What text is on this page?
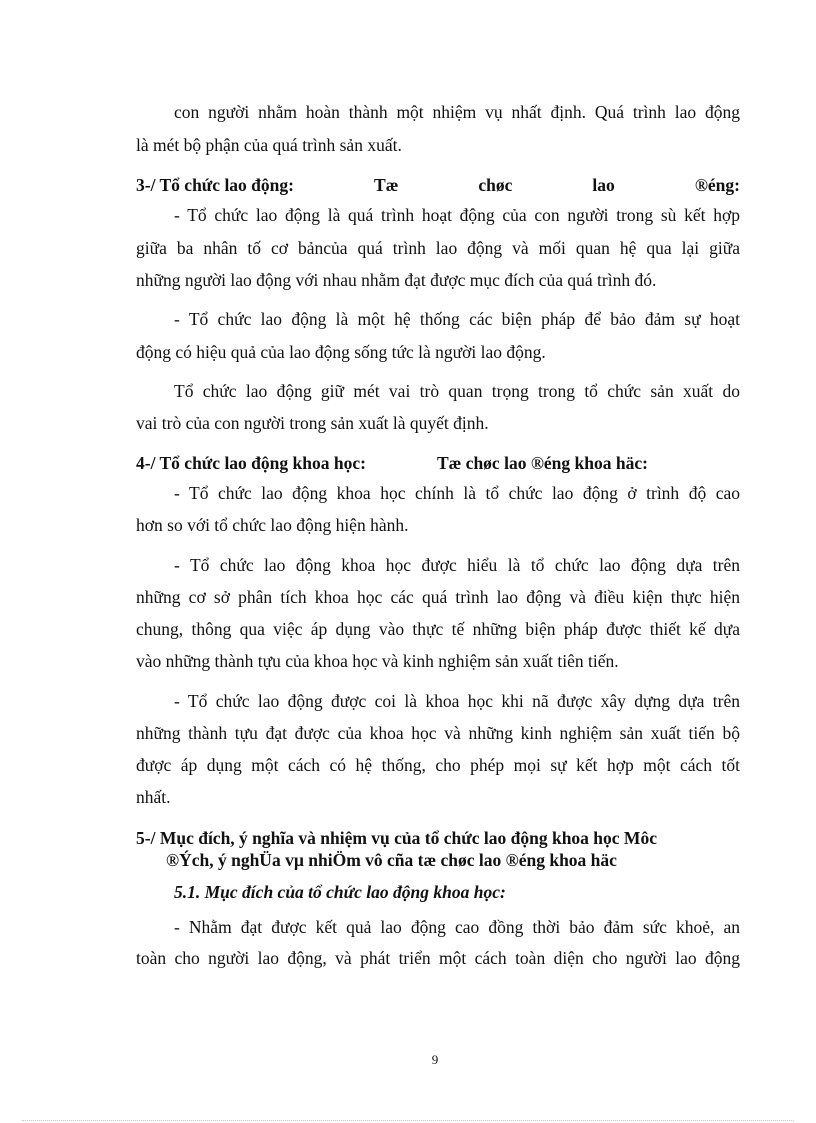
con người nhằm hoàn thành một nhiệm vụ nhất định. Quá trình lao động
là mét bộ phận của quá trình sản xuất.
3-/ Tổ chức lao động:	Tæ	chøc	lao	®éng:
- Tổ chức lao động là quá trình hoạt động của con người trong sù kết hợp
giữa ba nhân tố cơ bảncủa quá trình lao động và mối quan hệ qua lại giữa
những người lao động với nhau nhằm đạt được mục đích của quá trình đó.
- Tổ chức lao động là một hệ thống các biện pháp để bảo đảm sự hoạt
động có hiệu quả của lao động sống tức là người lao động.
Tổ chức lao động giữ mét vai trò quan trọng trong tổ chức sản xuất do
vai trò của con người trong sản xuất là quyết định.
4-/ Tổ chức lao động khoa học:	Tæ chøc lao ®éng khoa häc:
- Tổ chức lao động khoa học chính là tổ chức lao động ở trình độ cao
hơn so với tổ chức lao động hiện hành.
- Tổ chức lao động khoa học được hiểu là tổ chức lao động dựa trên
những cơ sở phân tích khoa học các quá trình lao động và điều kiện thực hiện
chung, thông qua việc áp dụng vào thực tế những biện pháp được thiết kế dựa
vào những thành tựu của khoa học và kinh nghiệm sản xuất tiên tiến.
- Tổ chức lao động được coi là khoa học khi nã được xây dựng dựa trên
những thành tựu đạt được của khoa học và những kinh nghiệm sản xuất tiến bộ
được áp dụng một cách có hệ thống, cho phép mọi sự kết hợp một cách tốt
nhất.
5-/ Mục đích, ý nghĩa và nhiệm vụ của tổ chức lao động khoa học Môc
®Ých, ý nghÜa vµ nhiÖm vô cña tæ chøc lao ®éng khoa häc
5.1. Mục đích của tổ chức lao động khoa học:
- Nhằm đạt được kết quả lao động cao đồng thời bảo đảm sức khoẻ, an
toàn cho người lao động, và phát triển một cách toàn diện cho người lao động
9
